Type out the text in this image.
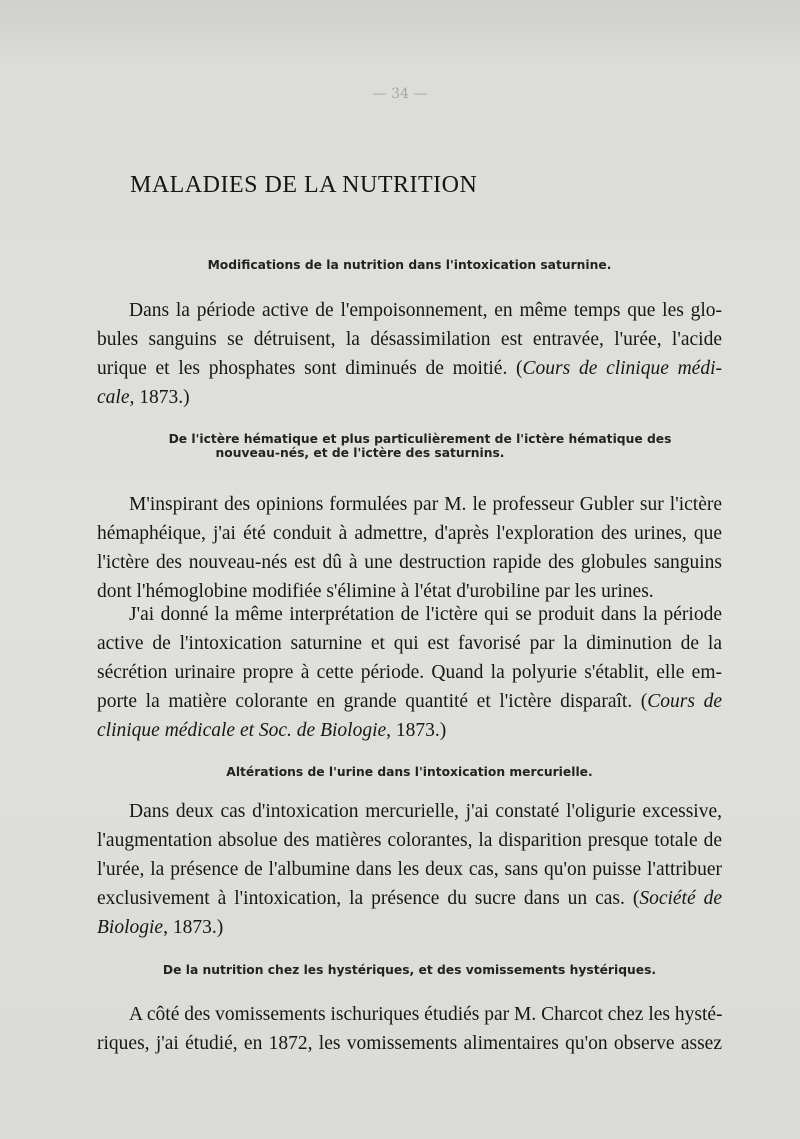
— 34 —
MALADIES DE LA NUTRITION
Modifications de la nutrition dans l'intoxication saturnine.
Dans la période active de l'empoisonnement, en même temps que les glo-
bules sanguins se détruisent, la désassimilation est entravée, l'urée, l'acide
urique et les phosphates sont diminués de moitié. (Cours de clinique médi-
cale, 1873.)
De l'ictère hématique et plus particulièrement de l'ictère hématique des
nouveau-nés, et de l'ictère des saturnins.
M'inspirant des opinions formulées par M. le professeur Gubler sur l'ictère
hémaphéique, j'ai été conduit à admettre, d'après l'exploration des urines, que
l'ictère des nouveau-nés est dû à une destruction rapide des globules sanguins
dont l'hémoglobine modifiée s'élimine à l'état d'urobiline par les urines.
J'ai donné la même interprétation de l'ictère qui se produit dans la période
active de l'intoxication saturnine et qui est favorisé par la diminution de la
sécrétion urinaire propre à cette période. Quand la polyurie s'établit, elle em-
porte la matière colorante en grande quantité et l'ictère disparaît. (Cours de
clinique médicale et Soc. de Biologie, 1873.)
Altérations de l'urine dans l'intoxication mercurielle.
Dans deux cas d'intoxication mercurielle, j'ai constaté l'oligurie excessive,
l'augmentation absolue des matières colorantes, la disparition presque totale de
l'urée, la présence de l'albumine dans les deux cas, sans qu'on puisse l'attribuer
exclusivement à l'intoxication, la présence du sucre dans un cas. (Société de
Biologie, 1873.)
De la nutrition chez les hystériques, et des vomissements hystériques.
A côté des vomissements ischuriques étudiés par M. Charcot chez les hysté-
riques, j'ai étudié, en 1872, les vomissements alimentaires qu'on observe assez
